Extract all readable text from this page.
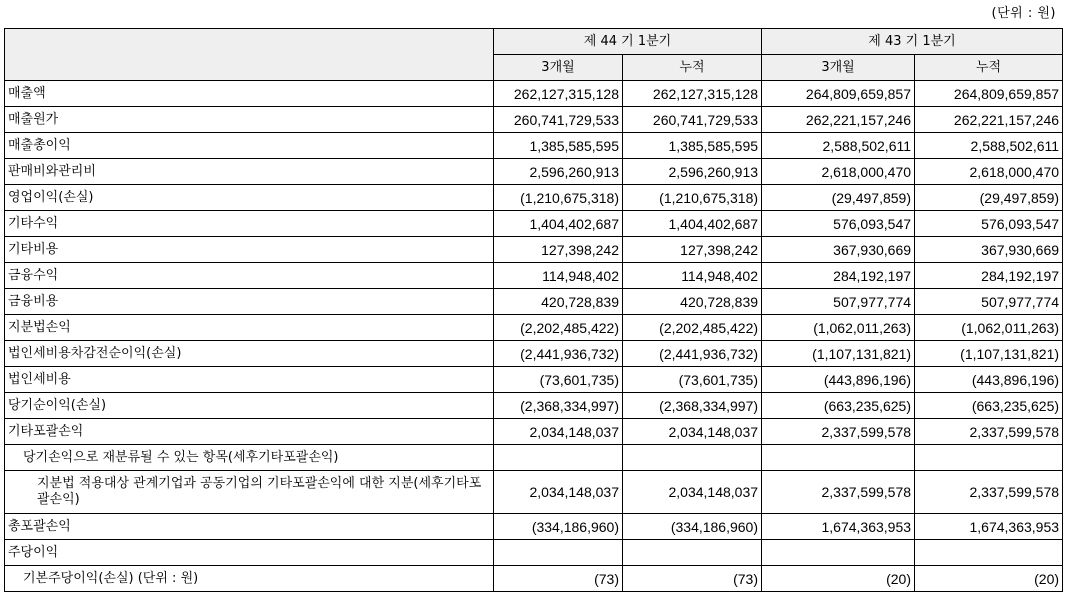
(단위 : 원)
	제 44 기 1분기		제 43 기 1분기	
	3개월	누적	3개월	누적
매출액	262,127,315,128	262,127,315,128	264,809,659,857	264,809,659,857
매출원가	260,741,729,533	260,741,729,533	262,221,157,246	262,221,157,246
매출총이익	1,385,585,595	1,385,585,595	2,588,502,611	2,588,502,611
판매비와관리비	2,596,260,913	2,596,260,913	2,618,000,470	2,618,000,470
영업이익(손실)	(1,210,675,318)	(1,210,675,318)	(29,497,859)	(29,497,859)
기타수익	1,404,402,687	1,404,402,687	576,093,547	576,093,547
기타비용	127,398,242	127,398,242	367,930,669	367,930,669
금융수익	114,948,402	114,948,402	284,192,197	284,192,197
금융비용	420,728,839	420,728,839	507,977,774	507,977,774
지분법손익	(2,202,485,422)	(2,202,485,422)	(1,062,011,263)	(1,062,011,263)
법인세비용차감전순이익(손실)	(2,441,936,732)	(2,441,936,732)	(1,107,131,821)	(1,107,131,821)
법인세비용	(73,601,735)	(73,601,735)	(443,896,196)	(443,896,196)
당기순이익(손실)	(2,368,334,997)	(2,368,334,997)	(663,235,625)	(663,235,625)
기타포괄손익	2,034,148,037	2,034,148,037	2,337,599,578	2,337,599,578
당기손익으로 재분류될 수 있는 항목(세후기타포괄손익)				
지분법 적용대상 관계기업과 공동기업의 기타포괄손익에 대한 지분(세후기타포괄손익)	2,034,148,037	2,034,148,037	2,337,599,578	2,337,599,578
총포괄손익	(334,186,960)	(334,186,960)	1,674,363,953	1,674,363,953
주당이익				
기본주당이익(손실) (단위 : 원)	(73)	(73)	(20)	(20)
